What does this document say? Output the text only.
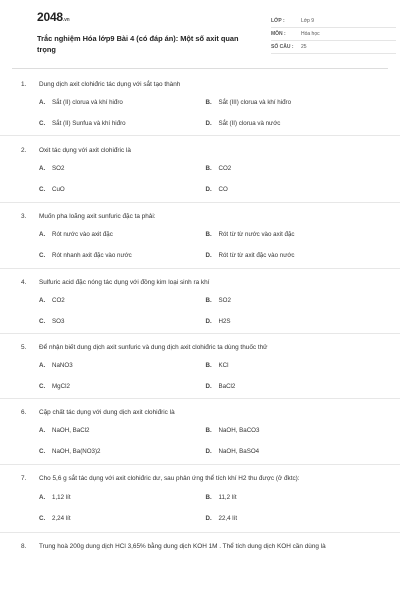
2048.vn
Trắc nghiệm Hóa lớp9 Bài 4 (có đáp án): Một số axit quan trọng
LỚP :	Lớp 9
MÔN :	Hóa học
SỐ CÂU :	25
1.	Dung dịch axit clohiđric tác dụng với sắt tạo thành
A.	Sắt (II) clorua và khí hiđro	B.	Sắt (III) clorua và khí hiđro
C.	Sắt (II) Sunfua và khí hiđro	D.	Sắt (II) clorua và nước
2.	Oxit tác dụng với axit clohiđric là
A.	SO2	B.	CO2
C.	CuO	D.	CO
3.	Muốn pha loãng axit sunfuric đặc ta phải:
A.	Rót nước vào axit đặc	B.	Rót từ từ nước vào axit đặc
C.	Rót nhanh axit đặc vào nước	D.	Rót từ từ axit đặc vào nước
4.	Sulfuric acid đặc nóng tác dụng với đồng kim loại sinh ra khí
A.	CO2	B.	SO2
C.	SO3	D.	H2S
5.	Để nhận biết dung dịch axit sunfuric và dung dịch axit clohiđric ta dùng thuốc thử
A.	NaNO3	B.	KCl
C.	MgCl2	D.	BaCl2
6.	Cặp chất tác dụng với dung dịch axit clohiđric là
A.	NaOH, BaCl2	B.	NaOH, BaCO3
C.	NaOH, Ba(NO3)2	D.	NaOH, BaSO4
7.	Cho 5,6 g sắt tác dụng với axit clohiđric dư, sau phản ứng thể tích khí H2 thu được (ở đktc):
A.	1,12 lít	B.	11,2 lít
C.	2,24 lít	D.	22,4 lít
8.	Trung hoà 200g dung dịch HCl 3,65% bằng dung dịch KOH 1M . Thể tích dung dịch KOH cần dùng là
